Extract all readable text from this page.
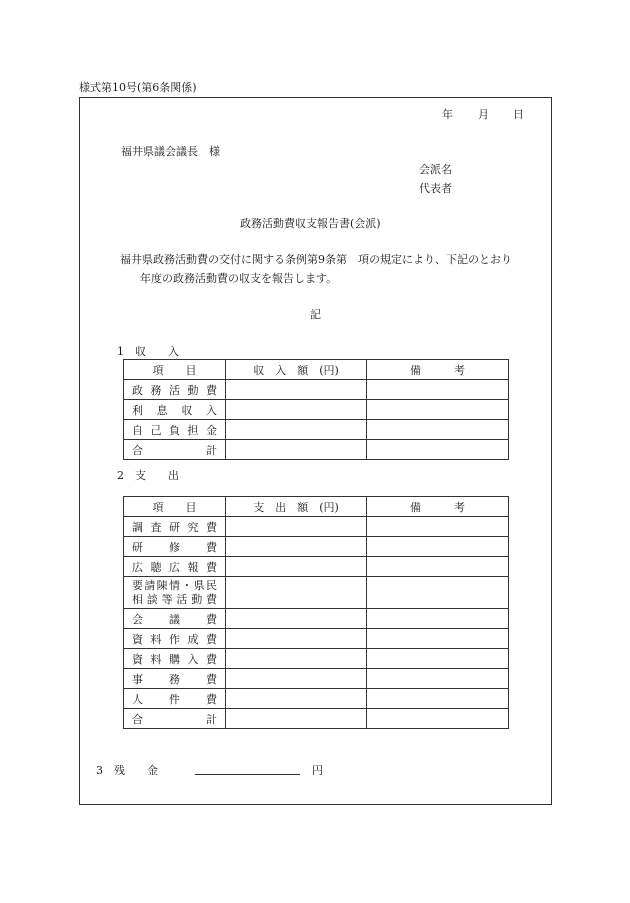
様式第10号(第6条関係)
年 月 日
福井県議会議長　様
会派名
代表者
政務活動費収支報告書(会派)
福井県政務活動費の交付に関する条例第9条第　項の規定により、下記のとおり
年度の政務活動費の収支を報告します。
記
1　収　　入
項　　目	収　入　額　(円)	備　　　考

政務活動費		

利息収入		

自己負担金		

合計		

2　支　　出
項　　目	支　出　額　(円)	備　　　考

調査研究費		

研修費		

広聴広報費		

要請陳情・県民
相談等活動費		

会議費		

資料作成費		

資料購入費		

事務費		

人件費		

合計		

3　残　　金	円
